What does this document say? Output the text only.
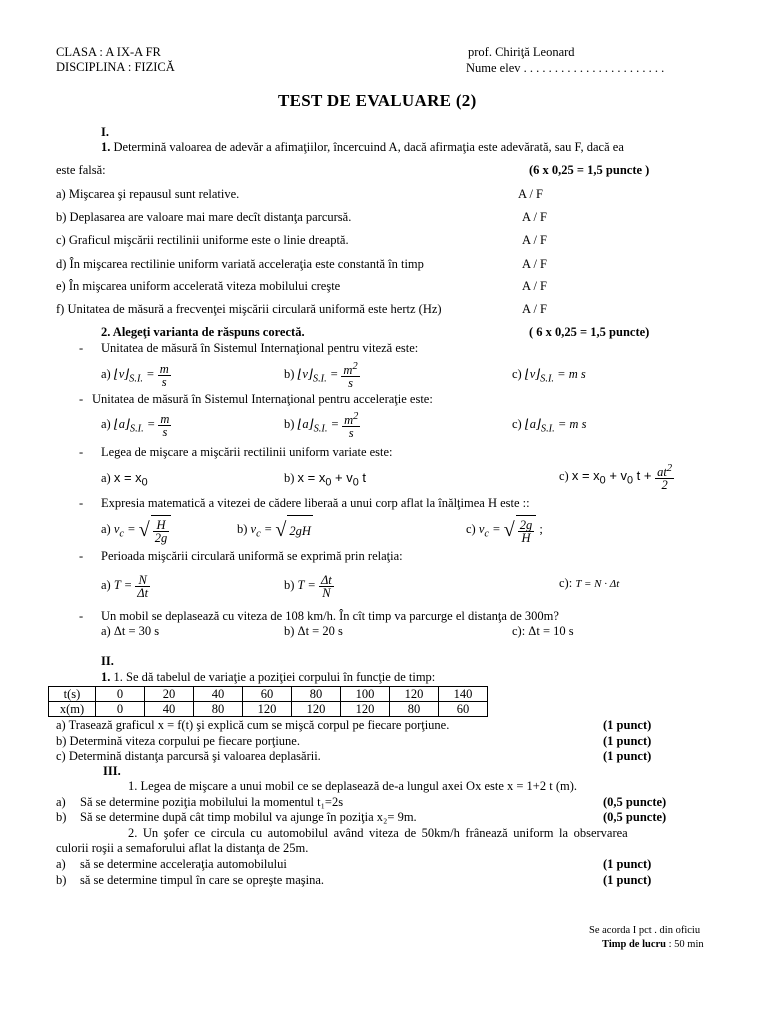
CLASA : A IX-A FR
DISCIPLINA : FIZICĂ
prof. Chiriţă Leonard
Nume elev . . . . . . . . . . . . . . . . . . . . . . .
TEST DE EVALUARE (2)
I.
1. Determină valoarea de adevăr a afimaţiilor, încercuind A, dacă afirmaţia este adevărată, sau F, dacă ea
este falsă:	(6 x 0,25 = 1,5 puncte )
a) Mişcarea şi repausul sunt relative.	A / F
b) Deplasarea are valoare mai mare decît distanţa parcursă.	A / F
c) Graficul mişcării rectilinii uniforme este o linie dreaptă.	A / F
d) În mişcarea rectilinie uniform variată acceleraţia este constantă în timp	A / F
e) În mişcarea uniform accelerată viteza mobilului creşte	A / F
f) Unitatea de măsură a frecvenţei mişcării circulară uniformă este hertz (Hz)	A / F
2. Alegeţi varianta de răspuns corectă.	( 6 x 0,25 = 1,5 puncte)
- Unitatea de măsură în Sistemul Internaţional pentru viteză este:
a) $⌊v⌋_{S.I.} = \frac{m}{s}$	b) $⌊v⌋_{S.I.} = \frac{m^2}{s}$	c) $⌊v⌋_{S.I.} = m$ s
- Unitatea de măsură în Sistemul Internaţional pentru acceleraţie este:
a) $⌊a⌋_{S.I.} = \frac{m}{s}$	b) $⌊a⌋_{S.I.} = \frac{m^2}{s}$	c) $⌊a⌋_{S.I.} = m$ s
- Legea de mişcare a mişcării rectilinii uniform variate este:
a) $x = x_0$	b) $x = x_0 + v_0$ t	c) $x = x_0 + v_0$ $t + \frac{at^2}{2}$
- Expresia matematică a vitezei de cădere liberaă a unui corp aflat la înălţimea H este ::
a) $v_c$ = √ $\frac{H}{2g}$	b) $v_c$ = √ 2gH	c) $v_c$ = √ $\frac{2g}{H}$ ;
- Perioada mişcării circulară uniformă se exprimă prin relaţia:
a) $T = \frac{N}{\Delta t}$	b) $T = \frac{\Delta t}{N}$	c): T = N · Δt
- Un mobil se deplasează cu viteza de 108 km/h. În cît timp va parcurge el distanţa de 300m?
a) Δt = 30 s	b) Δt = 20 s	c): Δt = 10 s
II.
1. 1. Se dă tabelul de variaţie a poziţiei corpului în funcţie de timp:
t(s)	0	20	40	60	80	100	120	140
x(m)	0	40	80	120	120	120	80	60
a) Trasează graficul x = f(t) şi explică cum se mişcă corpul pe fiecare porţiune.	(1 punct)
b) Determină viteza corpului pe fiecare porţiune.	(1 punct)
c) Determină distanţa parcursă şi valoarea deplasării.	(1 punct)
III.
1. Legea de mişcare a unui mobil ce se deplasează de-a lungul axei Ox este x = 1+2 t (m).
a) Să se determine poziţia mobilului la momentul t₁=2s	(0,5 puncte)
b) Să se determine după cât timp mobilul va ajunge în poziţia x₂= 9m.	(0,5 puncte)
2. Un şofer ce circula cu automobilul având viteza de 50km/h frânează uniform la observarea
culorii roşii a semaforului aflat la distanţa de 25m.
a) să se determine acceleraţia automobilului	(1 punct)
b) să se determine timpul în care se opreşte maşina.	(1 punct)
Se acorda I pct . din oficiu
Timp de lucru : 50 min
